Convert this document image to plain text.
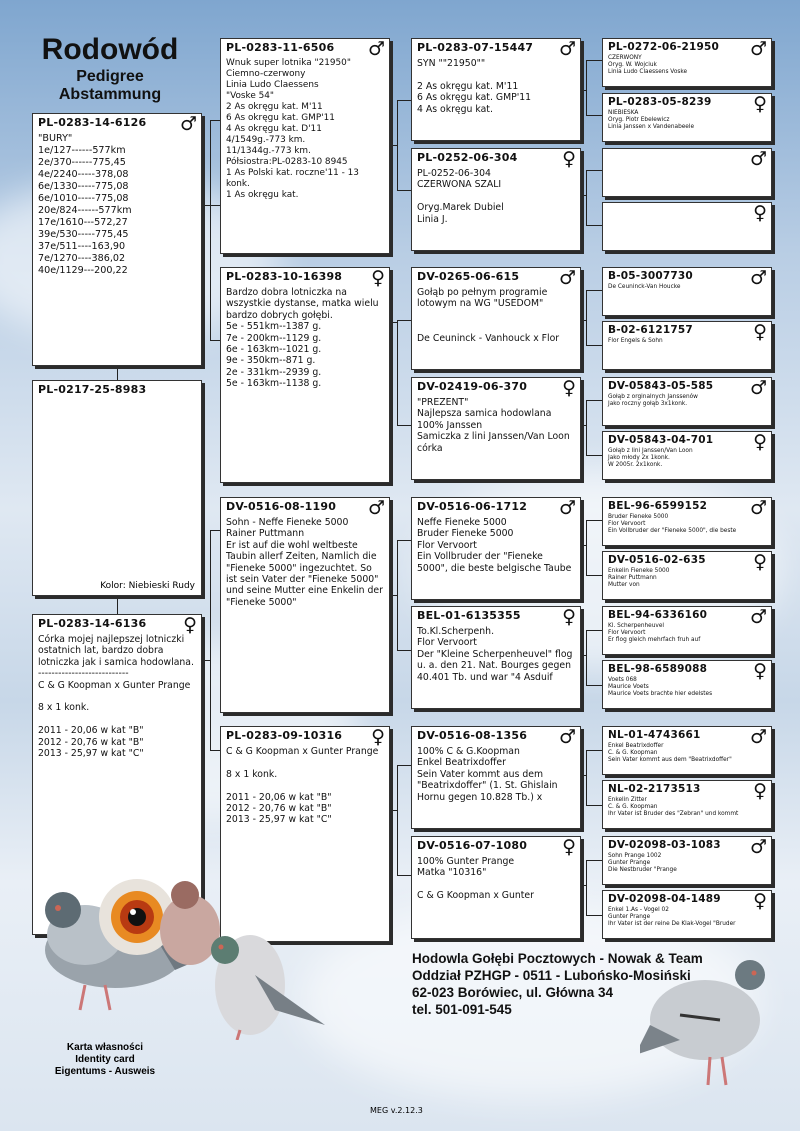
Rodowód
Pedigree
Abstammung
PL-0283-14-6126	♂
"BURY"
1e/127------577km
2e/370------775,45
4e/2240-----378,08
6e/1330-----775,08
6e/1010-----775,08
20e/824------577km
17e/1610---572,27
39e/530-----775,45
37e/511----163,90
7e/1270----386,02
40e/1129---200,22
PL-0217-25-8983
Kolor: Niebieski Rudy
PL-0283-14-6136	♀
Córka mojej najlepszej lotniczki ostatnich lat, bardzo dobra lotniczka jak i samica hodowlana.
---------------------------
C & G Koopman x Gunter Prange

8 x 1 konk.

2011 - 20,06 w kat "B"
2012 - 20,76 w kat "B"
2013 - 25,97 w kat "C"
PL-0283-11-6506	♂
Wnuk super lotnika "21950"
Ciemno-czerwony
Linia Ludo Claessens
"Voske 54"
2 As okręgu kat. M'11
6 As okręgu kat. GMP'11
4 As okręgu kat. D'11
4/1549g.-773 km.
11/1344g.-773 km.
Półsiostra:PL-0283-10 8945
1 As Polski kat. roczne'11 - 13 konk.
1 As okręgu kat.
PL-0283-10-16398	♀
Bardzo dobra lotniczka na wszystkie dystanse, matka wielu bardzo dobrych gołębi.
5e - 551km--1387 g.
7e - 200km--1129 g.
6e - 163km--1021 g.
9e - 350km--871 g.
2e - 331km--2939 g.
5e - 163km--1138 g.
DV-0516-08-1190	♂
Sohn - Neffe Fieneke 5000
Rainer Puttmann
Er ist auf die wohl weltbeste Taubin allerf Zeiten, Namlich die "Fieneke 5000" ingezuchtet. So ist sein Vater der "Fieneke 5000" und seine Mutter eine Enkelin der "Fieneke 5000"
PL-0283-09-10316	♀
C & G Koopman x Gunter Prange

8 x 1 konk.

2011 - 20,06 w kat "B"
2012 - 20,76 w kat "B"
2013 - 25,97 w kat "C"
PL-0283-07-15447	♂
SYN ""21950""

2 As okręgu kat. M'11
6 As okręgu kat. GMP'11
4 As okręgu kat.
PL-0252-06-304	♀
PL-0252-06-304
CZERWONA SZALI

Oryg.Marek Dubiel
Linia J.
DV-0265-06-615	♂
Gołąb po pełnym programie lotowym na WG "USEDOM"

De Ceuninck - Vanhouck x Flor
DV-02419-06-370	♀
"PREZENT"
Najlepsza samica hodowlana
100% Janssen
Samiczka z lini Janssen/Van Loon córka
DV-0516-06-1712	♂
Neffe Fieneke 5000
Bruder Fieneke 5000
Flor Vervoort
Ein Vollbruder der "Fieneke 5000", die beste belgische Taube
BEL-01-6135355	♀
To.Kl.Scherpenh.
Flor Vervoort
Der "Kleine Scherpenheuvel" flog u. a. den 21. Nat. Bourges gegen 40.401 Tb. und war "4 Asduif
DV-0516-08-1356	♂
100% C & G.Koopman
Enkel Beatrixdoffer
Sein Vater kommt aus dem "Beatrixdoffer" (1. St. Ghislain Hornu gegen 10.828 Tb.) x
DV-0516-07-1080	♀
100% Gunter Prange
Matka "10316"

C & G Koopman x Gunter
PL-0272-06-21950	♂
CZERWONY
Oryg. W. Wojciuk
Linia Ludo Claessens Voske
PL-0283-05-8239	♀
NIEBIESKA
Oryg. Piotr Ebelewicz
Linia Janssen x Vandenabeele
♂
♀
B-05-3007730	♂
De Ceuninck-Van Houcke
B-02-6121757	♀
Flor Engels & Sohn
DV-05843-05-585	♂
Gołąb z orginalnych Janssenów
Jako roczny gołąb 3x1konk.
DV-05843-04-701	♀
Gołąb z lini Janssen/Van Loon
Jako młody 2x 1konk.
W 2005r. 2x1konk.
BEL-96-6599152	♂
Bruder Fieneke 5000
Flor Vervoort
Ein Vollbruder der "Fieneke 5000", die beste
DV-0516-02-635	♀
Enkelin Fieneke 5000
Rainer Puttmann
Mutter von
BEL-94-6336160	♂
Kl. Scherpenheuvel
Flor Vervoort
Er flog gleich mehrfach fruh auf
BEL-98-6589088	♀
Voets 068
Maurice Voets
Maurice Voets brachte hier edelstes
NL-01-4743661	♂
Enkel Beatrixdoffer
C. & G. Koopman
Sein Vater kommt aus dem "Beatrixdoffer"
NL-02-2173513	♀
Enkelin Zitter
C. & G. Koopman
Ihr Vater ist Bruder des "Zebran" und kommt
DV-02098-03-1083	♂
Sohn Prange 1002
Gunter Prange
Die Nestbruder "Prange
DV-02098-04-1489	♀
Enkel 1.As - Vogel 02
Gunter Prange
Ihr Vater ist der reine De Klak-Vogel "Bruder
Hodowla Gołębi Pocztowych - Nowak & Team
Oddział PZHGP - 0511 - Lubońsko-Mosiński
62-023 Borówiec, ul. Główna 34
tel. 501-091-545
Karta własności
Identity card
Eigentums - Ausweis
MEG v.2.12.3
